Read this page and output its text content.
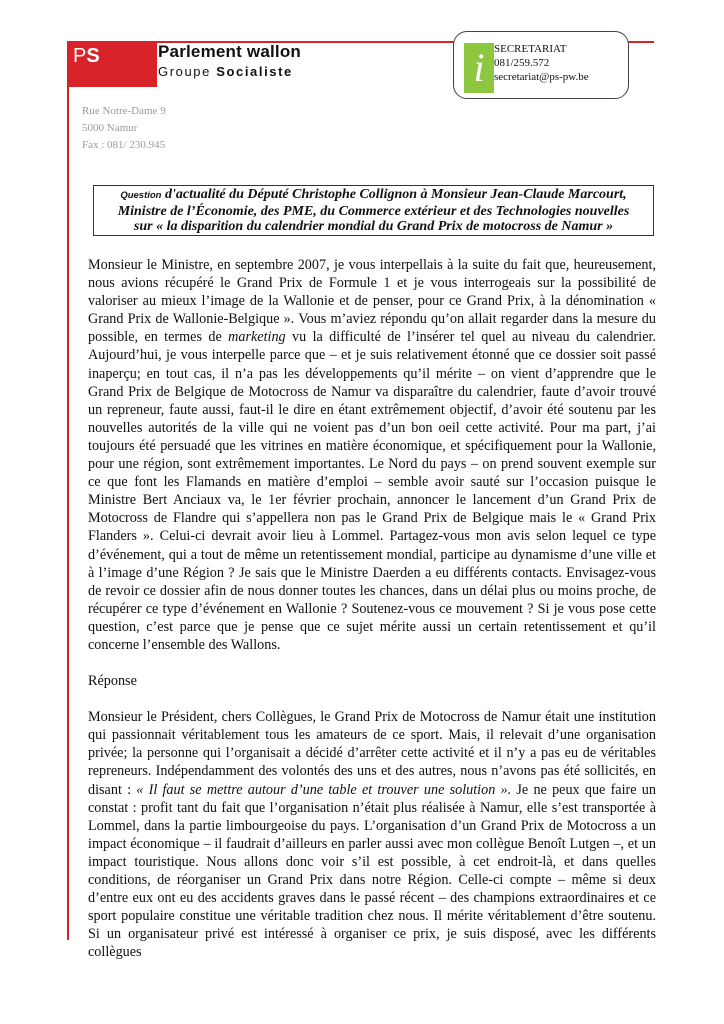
PS	Parlement wallon
Groupe Socialiste	i SECRETARIAT
081/259.572
secretariat@ps-pw.be
Rue Notre-Dame 9
5000 Namur
Fax : 081/ 230.945
Question d'actualité du Député Christophe Collignon à Monsieur Jean-Claude Marcourt,
Ministre de l’Économie, des PME, du Commerce extérieur et des Technologies nouvelles
sur « la disparition du calendrier mondial du Grand Prix de motocross de Namur »

Monsieur le Ministre, en septembre 2007, je vous interpellais à la suite du fait que, heureusement, nous avions récupéré le Grand Prix de Formule 1 et je vous interrogeais sur la possibilité de valoriser au mieux l’image de la Wallonie et de penser, pour ce Grand Prix, à la dénomination « Grand Prix de Wallonie-Belgique ». Vous m’aviez répondu qu’on allait regarder dans la mesure du possible, en termes de marketing vu la difficulté de l’insérer tel quel au niveau du calendrier. Aujourd’hui, je vous interpelle parce que – et je suis relativement étonné que ce dossier soit passé inaperçu; en tout cas, il n’a pas les développements qu’il mérite – on vient d’apprendre que le Grand Prix de Belgique de Motocross de Namur va disparaître du calendrier, faute d’avoir trouvé un repreneur, faute aussi, faut-il le dire en étant extrêmement objectif, d’avoir été soutenu par les nouvelles autorités de la ville qui ne voient pas d’un bon oeil cette activité. Pour ma part, j’ai toujours été persuadé que les vitrines en matière économique, et spécifiquement pour la Wallonie, pour une région, sont extrêmement importantes. Le Nord du pays – on prend souvent exemple sur ce que font les Flamands en matière d’emploi – semble avoir sauté sur l’occasion puisque le Ministre Bert Anciaux va, le 1er février prochain, annoncer le lancement d’un Grand Prix de Motocross de Flandre qui s’appellera non pas le Grand Prix de Belgique mais le « Grand Prix Flanders ». Celui-ci devrait avoir lieu à Lommel. Partagez-vous mon avis selon lequel ce type d’événement, qui a tout de même un retentissement mondial, participe au dynamisme d’une ville et à l’image d’une Région ? Je sais que le Ministre Daerden a eu différents contacts. Envisagez-vous de revoir ce dossier afin de nous donner toutes les chances, dans un délai plus ou moins proche, de récupérer ce type d’événement en Wallonie ? Soutenez-vous ce mouvement ? Si je vous pose cette question, c’est parce que je pense que ce sujet mérite aussi un certain retentissement et qu’il concerne l’ensemble des Wallons.

Réponse

Monsieur le Président, chers Collègues, le Grand Prix de Motocross de Namur était une institution qui passionnait véritablement tous les amateurs de ce sport. Mais, il relevait d’une organisation privée; la personne qui l’organisait a décidé d’arrêter cette activité et il n’y a pas eu de véritables repreneurs. Indépendamment des volontés des uns et des autres, nous n’avons pas été sollicités, en disant : « Il faut se mettre autour d’une table et trouver une solution ». Je ne peux que faire un constat : profit tant du fait que l’organisation n’était plus réalisée à Namur, elle s’est transportée à Lommel, dans la partie limbourgeoise du pays. L’organisation d’un Grand Prix de Motocross a un impact économique – il faudrait d’ailleurs en parler aussi avec mon collègue Benoît Lutgen –, et un impact touristique. Nous allons donc voir s’il est possible, à cet endroit-là, et dans quelles conditions, de réorganiser un Grand Prix dans notre Région. Celle-ci compte – même si deux d’entre eux ont eu des accidents graves dans le passé récent – des champions extraordinaires et ce sport populaire constitue une véritable tradition chez nous. Il mérite véritablement d’être soutenu. Si un organisateur privé est intéressé à organiser ce prix, je suis disposé, avec les différents collègues
